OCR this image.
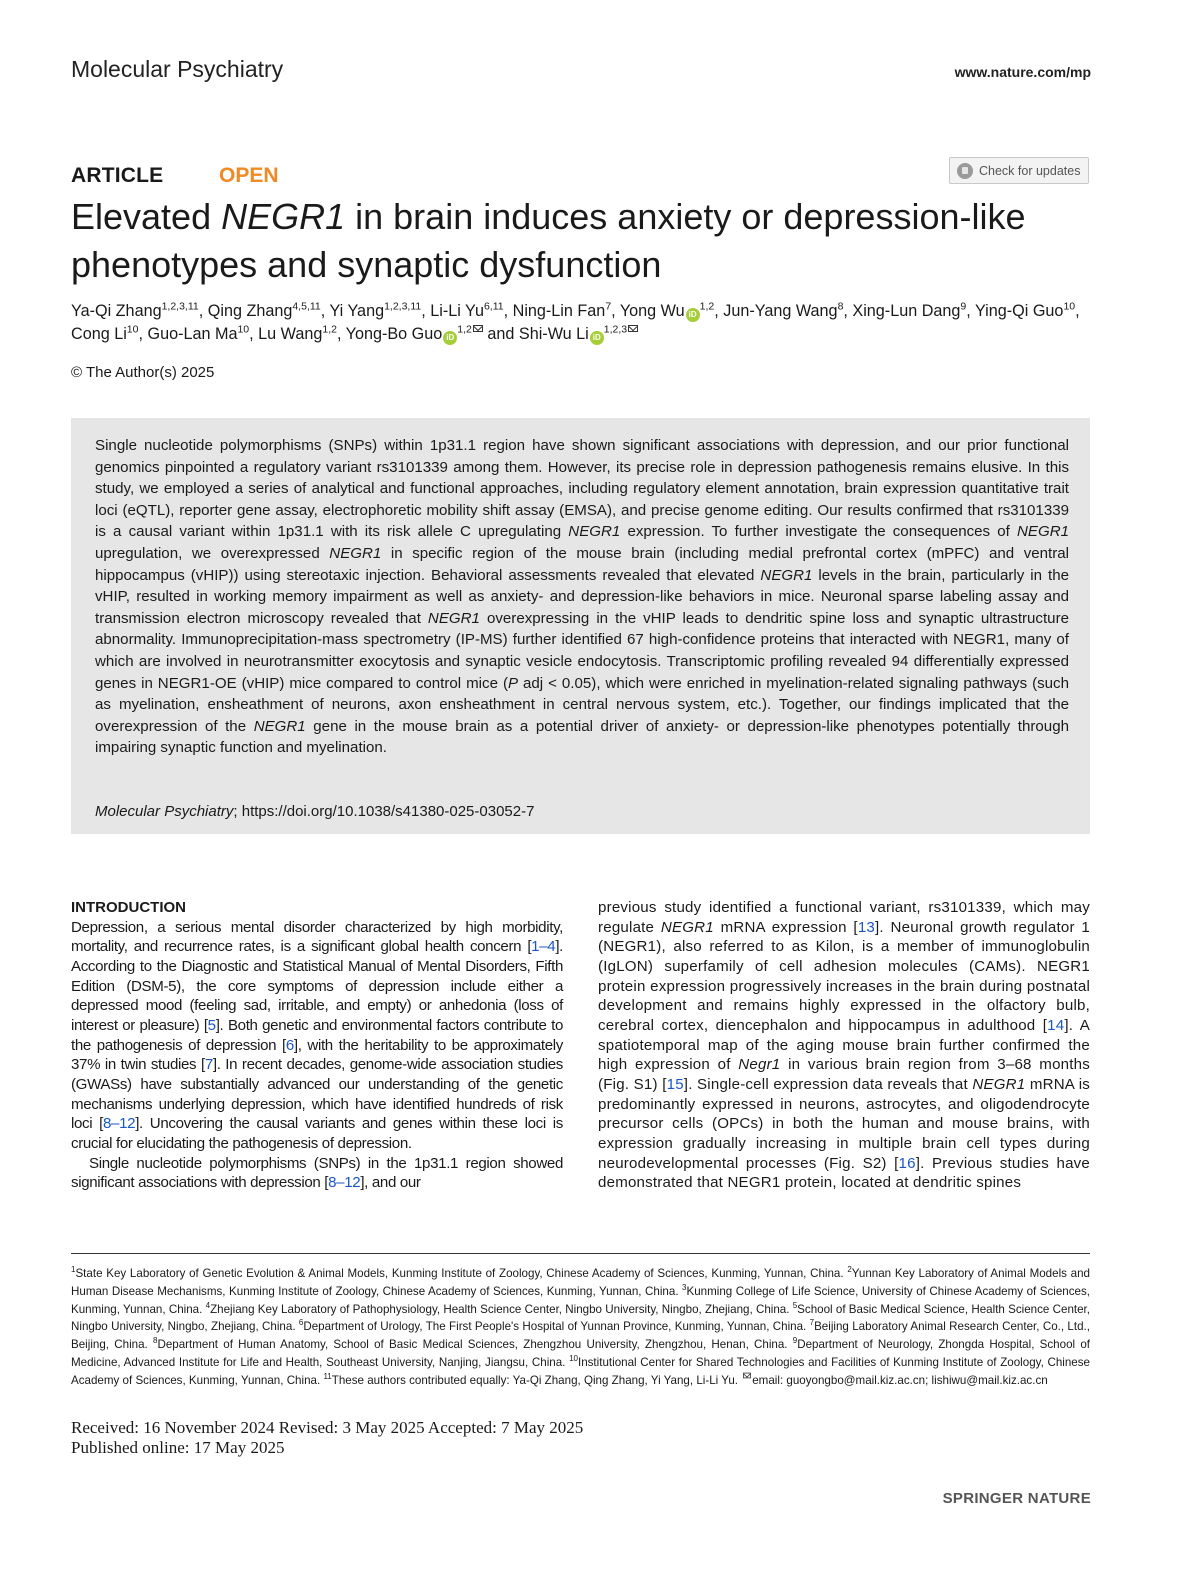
Molecular Psychiatry	www.nature.com/mp
ARTICLE	OPEN	Check for updates
Elevated NEGR1 in brain induces anxiety or depression-like phenotypes and synaptic dysfunction
Ya-Qi Zhang$^{1,2,3,11}$, Qing Zhang$^{4,5,11}$, Yi Yang$^{1,2,3,11}$, Li-Li Yu$^{6,11}$, Ning-Lin Fan$^7$, Yong Wu iD$^{1,2}$, Jun-Yang Wang$^8$, Xing-Lun Dang$^9$, Ying-Qi Guo$^{10}$, Cong Li$^{10}$, Guo-Lan Ma$^{10}$, Lu Wang$^{1,2}$, Yong-Bo Guo iD$^{1,2}$ and Shi-Wu Li iD$^{1,2,3}$
© The Author(s) 2025
Single nucleotide polymorphisms (SNPs) within 1p31.1 region have shown significant associations with depression, and our prior functional genomics pinpointed a regulatory variant rs3101339 among them. However, its precise role in depression pathogenesis remains elusive. In this study, we employed a series of analytical and functional approaches, including regulatory element annotation, brain expression quantitative trait loci (eQTL), reporter gene assay, electrophoretic mobility shift assay (EMSA), and precise genome editing. Our results confirmed that rs3101339 is a causal variant within 1p31.1 with its risk allele C upregulating NEGR1 expression. To further investigate the consequences of NEGR1 upregulation, we overexpressed NEGR1 in specific region of the mouse brain (including medial prefrontal cortex (mPFC) and ventral hippocampus (vHIP)) using stereotaxic injection. Behavioral assessments revealed that elevated NEGR1 levels in the brain, particularly in the vHIP, resulted in working memory impairment as well as anxiety- and depression-like behaviors in mice. Neuronal sparse labeling assay and transmission electron microscopy revealed that NEGR1 overexpressing in the vHIP leads to dendritic spine loss and synaptic ultrastructure abnormality. Immunoprecipitation-mass spectrometry (IP-MS) further identified 67 high-confidence proteins that interacted with NEGR1, many of which are involved in neurotransmitter exocytosis and synaptic vesicle endocytosis. Transcriptomic profiling revealed 94 differentially expressed genes in NEGR1-OE (vHIP) mice compared to control mice (P adj < 0.05), which were enriched in myelination-related signaling pathways (such as myelination, ensheathment of neurons, axon ensheathment in central nervous system, etc.). Together, our findings implicated that the overexpression of the NEGR1 gene in the mouse brain as a potential driver of anxiety- or depression-like phenotypes potentially through impairing synaptic function and myelination.
Molecular Psychiatry; https://doi.org/10.1038/s41380-025-03052-7
INTRODUCTION
Depression, a serious mental disorder characterized by high morbidity, mortality, and recurrence rates, is a significant global health concern [1–4]. According to the Diagnostic and Statistical Manual of Mental Disorders, Fifth Edition (DSM-5), the core symptoms of depression include either a depressed mood (feeling sad, irritable, and empty) or anhedonia (loss of interest or pleasure) [5]. Both genetic and environmental factors contribute to the pathogenesis of depression [6], with the heritability to be approximately 37% in twin studies [7]. In recent decades, genome-wide association studies (GWASs) have substantially advanced our understanding of the genetic mechanisms underlying depression, which have identified hundreds of risk loci [8–12]. Uncovering the causal variants and genes within these loci is crucial for elucidating the pathogenesis of depression.
Single nucleotide polymorphisms (SNPs) in the 1p31.1 region showed significant associations with depression [8–12], and our
previous study identified a functional variant, rs3101339, which may regulate NEGR1 mRNA expression [13]. Neuronal growth regulator 1 (NEGR1), also referred to as Kilon, is a member of immunoglobulin (IgLON) superfamily of cell adhesion molecules (CAMs). NEGR1 protein expression progressively increases in the brain during postnatal development and remains highly expressed in the olfactory bulb, cerebral cortex, diencephalon and hippocampus in adulthood [14]. A spatiotemporal map of the aging mouse brain further confirmed the high expression of Negr1 in various brain region from 3–68 months (Fig. S1) [15]. Single-cell expression data reveals that NEGR1 mRNA is predominantly expressed in neurons, astrocytes, and oligodendrocyte precursor cells (OPCs) in both the human and mouse brains, with expression gradually increasing in multiple brain cell types during neurodevelopmental processes (Fig. S2) [16]. Previous studies have demonstrated that NEGR1 protein, located at dendritic spines
$^1$State Key Laboratory of Genetic Evolution & Animal Models, Kunming Institute of Zoology, Chinese Academy of Sciences, Kunming, Yunnan, China. $^2$Yunnan Key Laboratory of Animal Models and Human Disease Mechanisms, Kunming Institute of Zoology, Chinese Academy of Sciences, Kunming, Yunnan, China. $^3$Kunming College of Life Science, University of Chinese Academy of Sciences, Kunming, Yunnan, China. $^4$Zhejiang Key Laboratory of Pathophysiology, Health Science Center, Ningbo University, Ningbo, Zhejiang, China. $^5$School of Basic Medical Science, Health Science Center, Ningbo University, Ningbo, Zhejiang, China. $^6$Department of Urology, The First People's Hospital of Yunnan Province, Kunming, Yunnan, China. $^7$Beijing Laboratory Animal Research Center, Co., Ltd., Beijing, China. $^8$Department of Human Anatomy, School of Basic Medical Sciences, Zhengzhou University, Zhengzhou, Henan, China. $^9$Department of Neurology, Zhongda Hospital, School of Medicine, Advanced Institute for Life and Health, Southeast University, Nanjing, Jiangsu, China. $^{10}$Institutional Center for Shared Technologies and Facilities of Kunming Institute of Zoology, Chinese Academy of Sciences, Kunming, Yunnan, China. $^{11}$These authors contributed equally: Ya-Qi Zhang, Qing Zhang, Yi Yang, Li-Li Yu. email: guoyongbo@mail.kiz.ac.cn; lishiwu@mail.kiz.ac.cn
Received: 16 November 2024 Revised: 3 May 2025 Accepted: 7 May 2025
Published online: 17 May 2025
SPRINGER NATURE
